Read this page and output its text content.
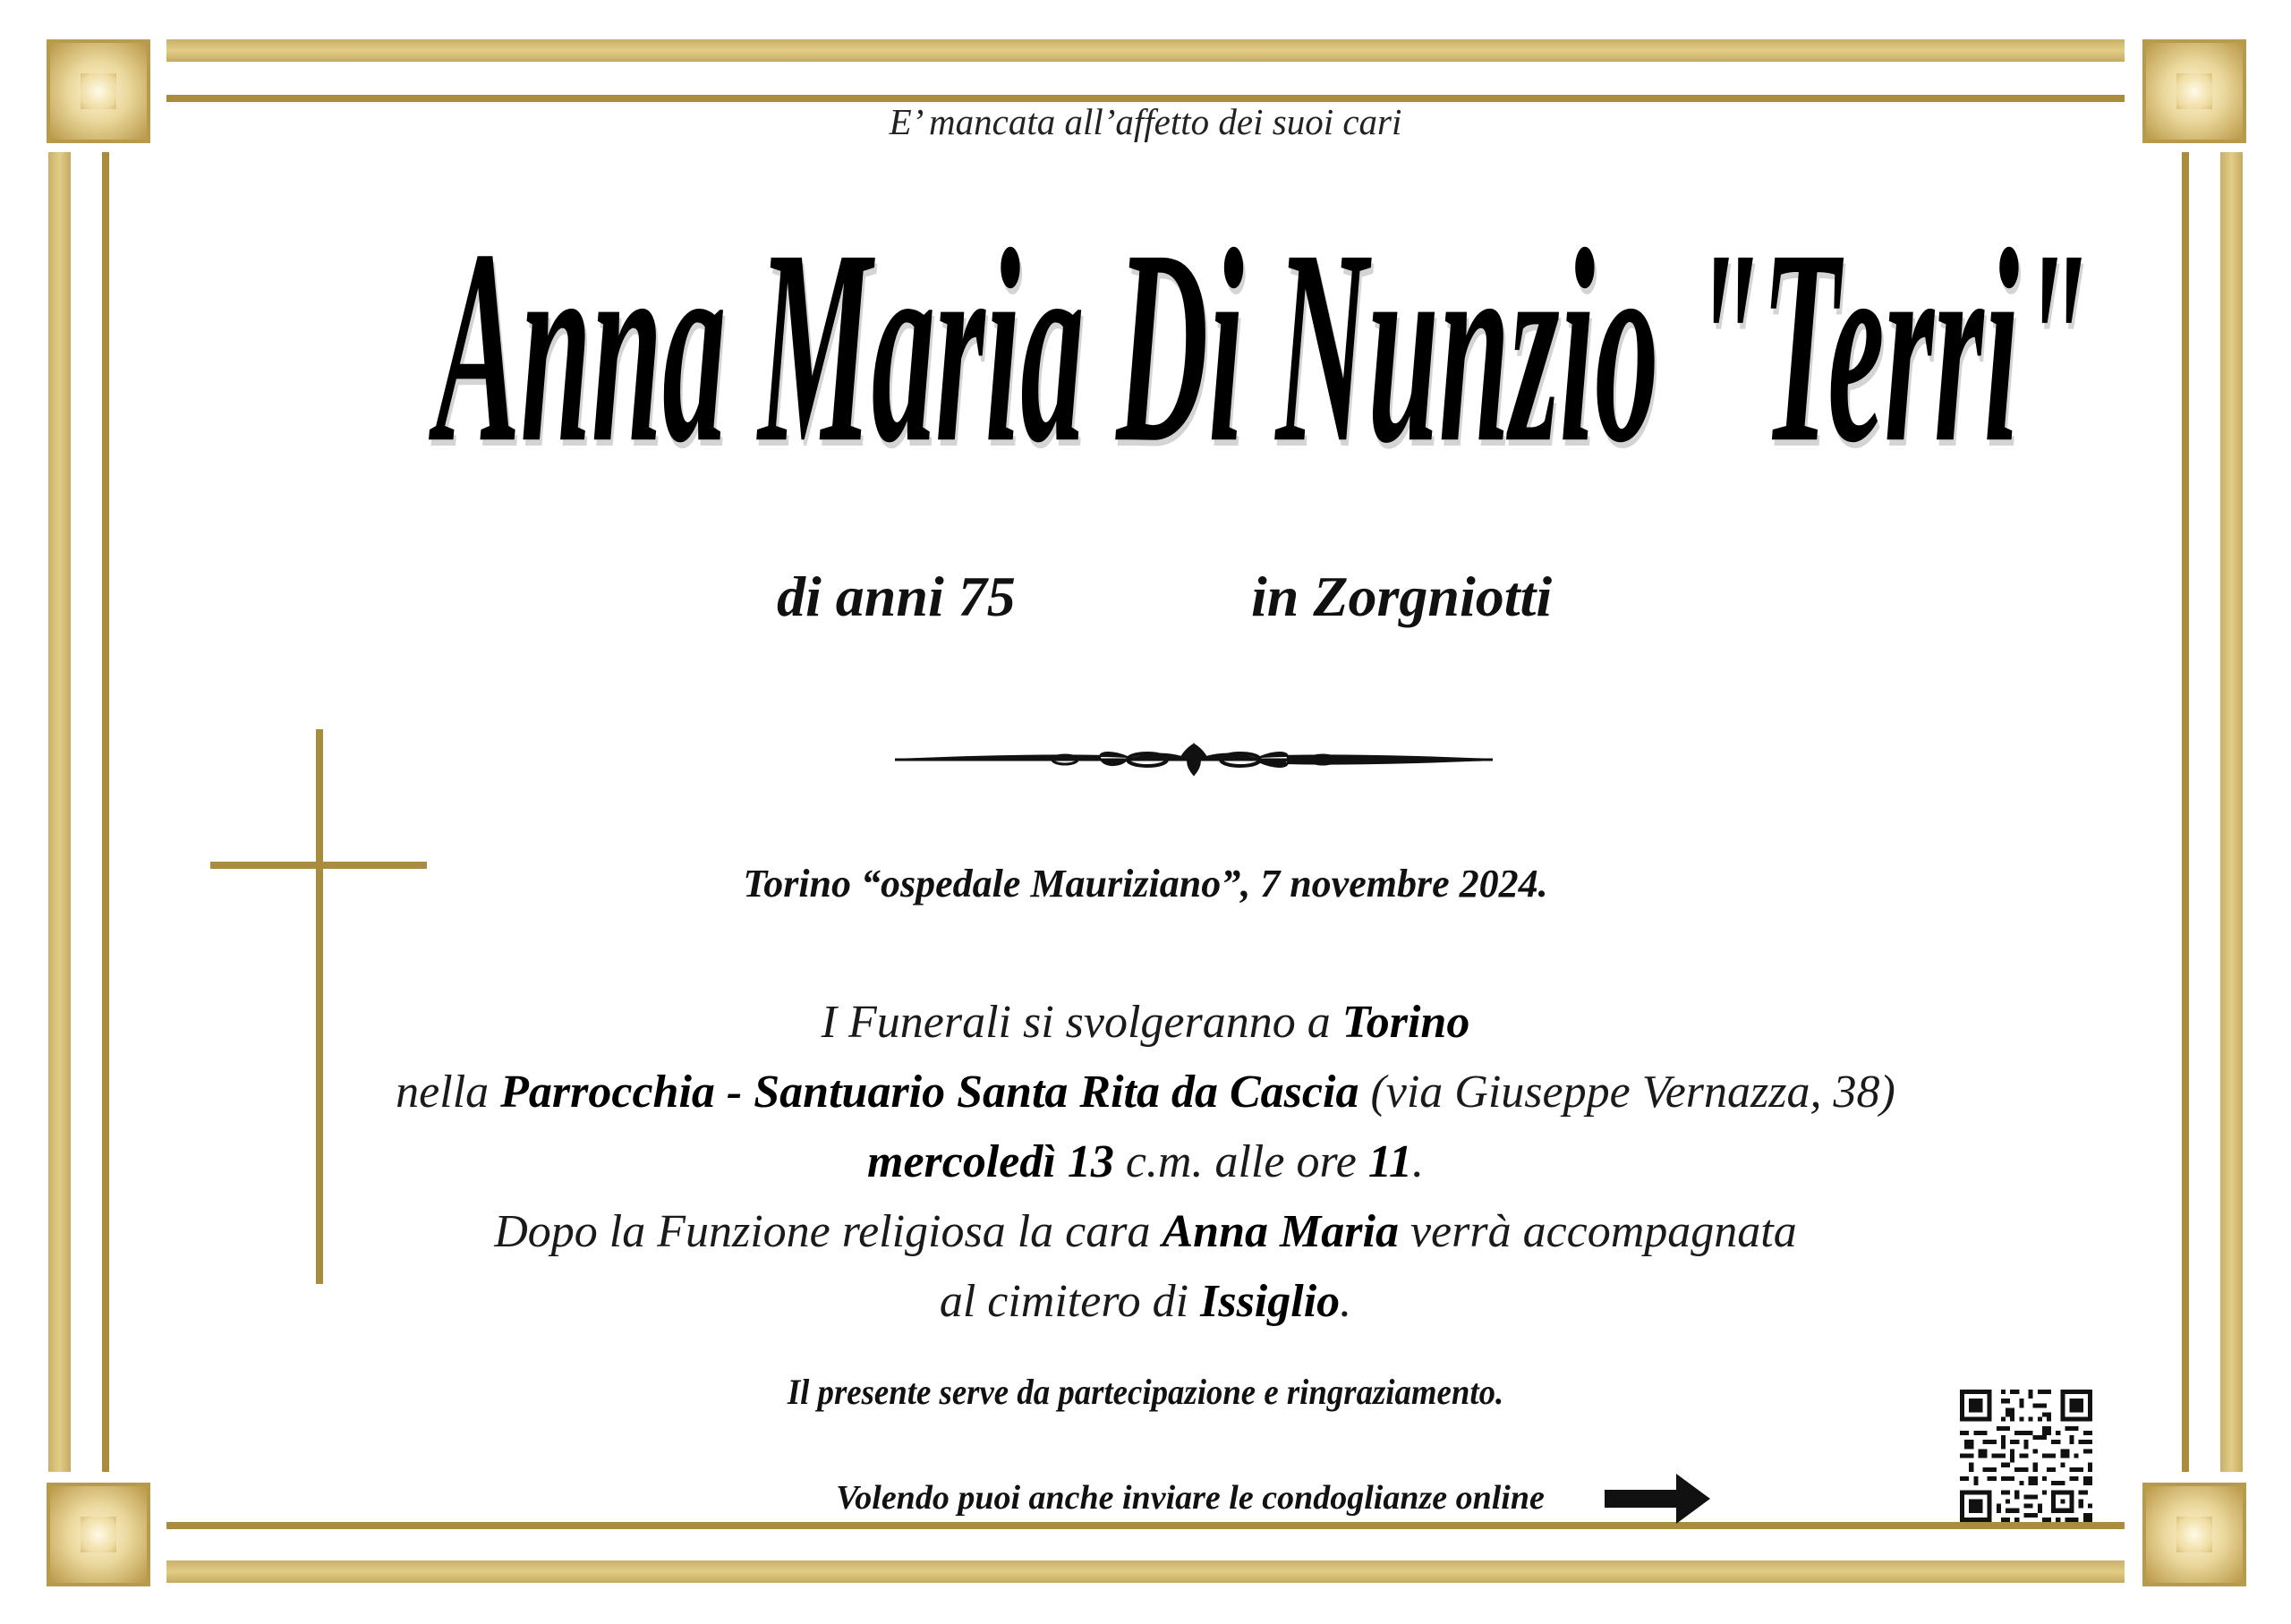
E’ mancata all’affetto dei suoi cari
Anna Maria Di Nunzio "Terri"
di anni 75	in Zorgniotti
Torino “ospedale Mauriziano”, 7 novembre 2024.
I Funerali si svolgeranno a Torino
nella Parrocchia - Santuario Santa Rita da Cascia (via Giuseppe Vernazza, 38)
mercoledì 13 c.m. alle ore 11.
Dopo la Funzione religiosa la cara Anna Maria verrà accompagnata
al cimitero di Issiglio.
Il presente serve da partecipazione e ringraziamento.
Volendo puoi anche inviare le condoglianze online
